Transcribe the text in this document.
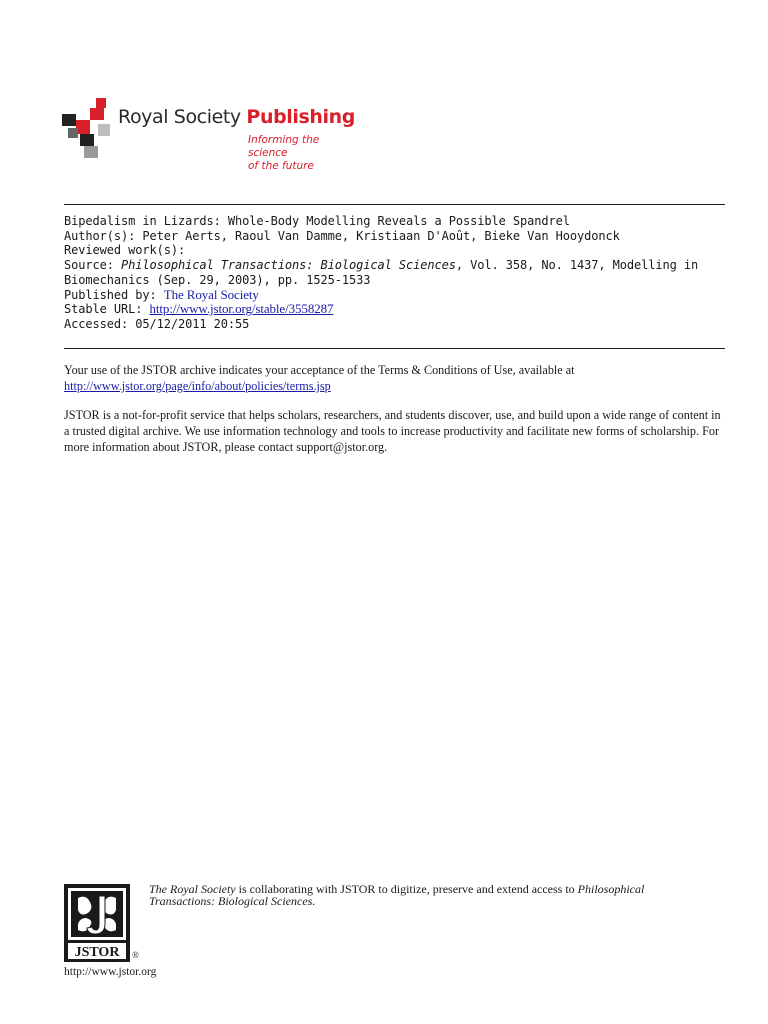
Royal Society Publishing
Informing the science
of the future
Bipedalism in Lizards: Whole-Body Modelling Reveals a Possible Spandrel
Author(s): Peter Aerts, Raoul Van Damme, Kristiaan D'Août, Bieke Van Hooydonck
Reviewed work(s):
Source: Philosophical Transactions: Biological Sciences, Vol. 358, No. 1437, Modelling in
Biomechanics (Sep. 29, 2003), pp. 1525-1533
Published by: The Royal Society
Stable URL: http://www.jstor.org/stable/3558287
Accessed: 05/12/2011 20:55
Your use of the JSTOR archive indicates your acceptance of the Terms & Conditions of Use, available at
http://www.jstor.org/page/info/about/policies/terms.jsp
JSTOR is a not-for-profit service that helps scholars, researchers, and students discover, use, and build upon a wide range of content in a trusted digital archive. We use information technology and tools to increase productivity and facilitate new forms of scholarship. For more information about JSTOR, please contact support@jstor.org.
JSTOR ®
The Royal Society is collaborating with JSTOR to digitize, preserve and extend access to Philosophical Transactions: Biological Sciences.
http://www.jstor.org
